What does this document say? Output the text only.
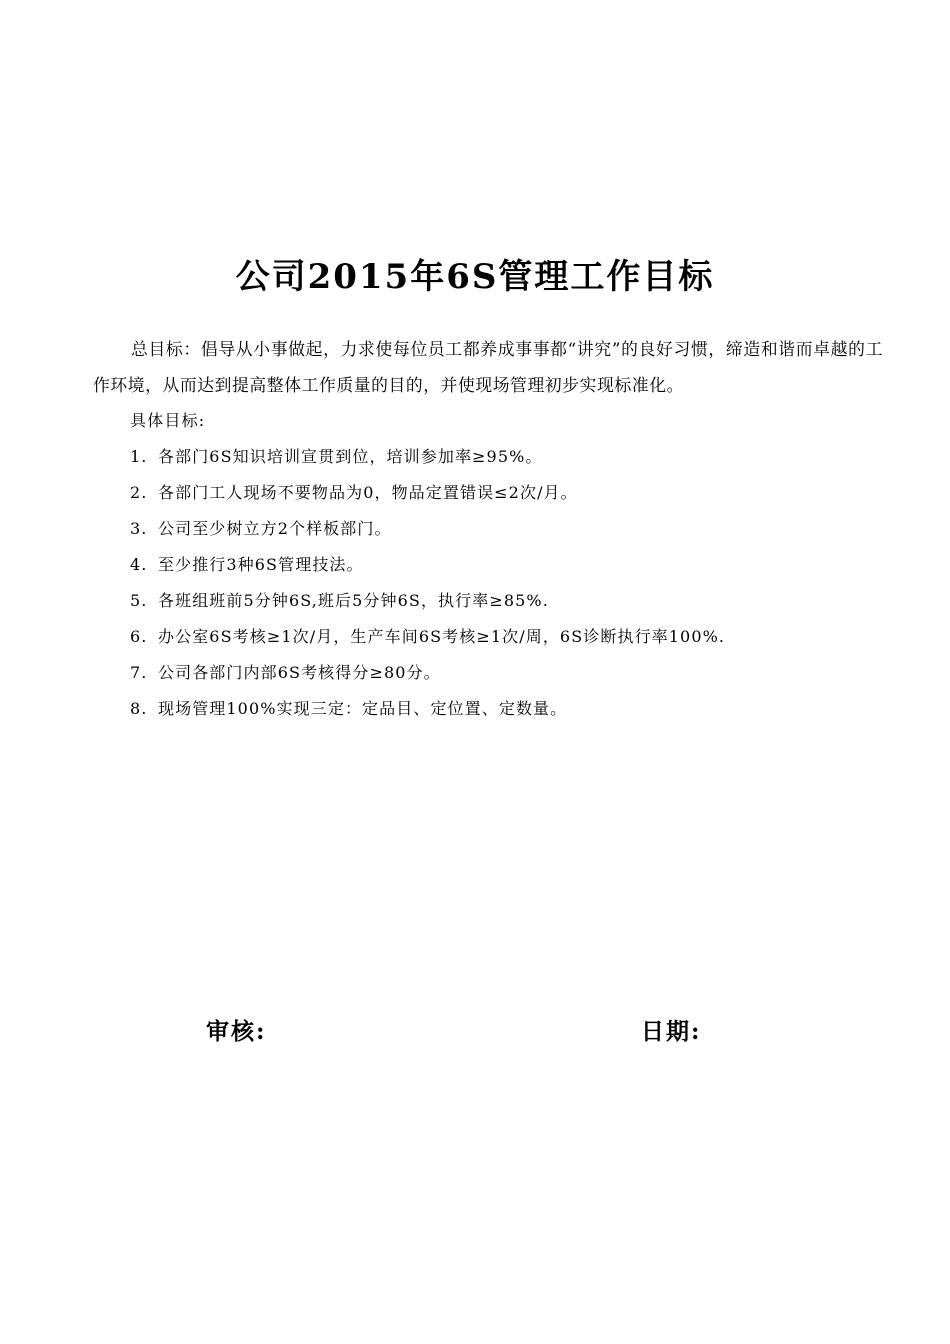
公司2015年6S管理工作目标
总目标：倡导从小事做起，力求使每位员工都养成事事都“讲究”的良好习惯，缔造和谐而卓越的工作环境，从而达到提高整体工作质量的目的，并使现场管理初步实现标准化。
具体目标:
1. 各部门6S知识培训宣贯到位，培训参加率≥95%。
2. 各部门工人现场不要物品为0，物品定置错误≤2次/月。
3. 公司至少树立方2个样板部门。
4. 至少推行3种6S管理技法。
5. 各班组班前5分钟6S,班后5分钟6S，执行率≥85%.
6. 办公室6S考核≥1次/月，生产车间6S考核≥1次/周，6S诊断执行率100%.
7. 公司各部门内部6S考核得分≥80分。
8. 现场管理100%实现三定：定品目、定位置、定数量。
审核:	日期:
